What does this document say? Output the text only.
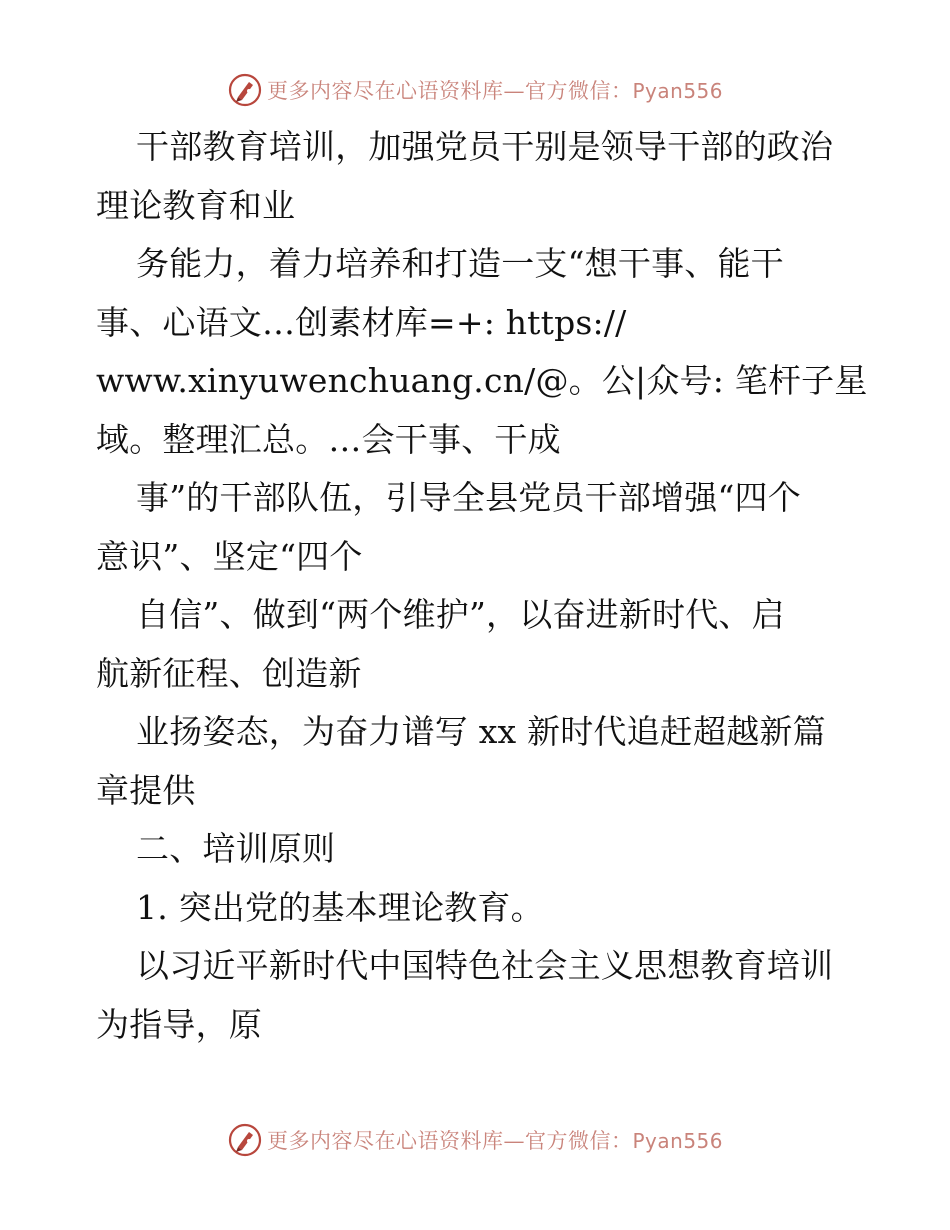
更多内容尽在心语资料库—官方微信：Pyan556
干部教育培训，加强党员干别是领导干部的政治
理论教育和业
务能力，着力培养和打造一支“想干事、能干
事、心语文…创素材库=+: https://
www.xinyuwenchuang.cn/@。公|众号: 笔杆子星
域。整理汇总。…会干事、干成
事”的干部队伍，引导全县党员干部增强“四个
意识”、坚定“四个
自信”、做到“两个维护”，以奋进新时代、启
航新征程、创造新
业扬姿态，为奋力谱写 xx 新时代追赶超越新篇
章提供
二、培训原则
1. 突出党的基本理论教育。
以习近平新时代中国特色社会主义思想教育培训
为指导，原
更多内容尽在心语资料库—官方微信：Pyan556
